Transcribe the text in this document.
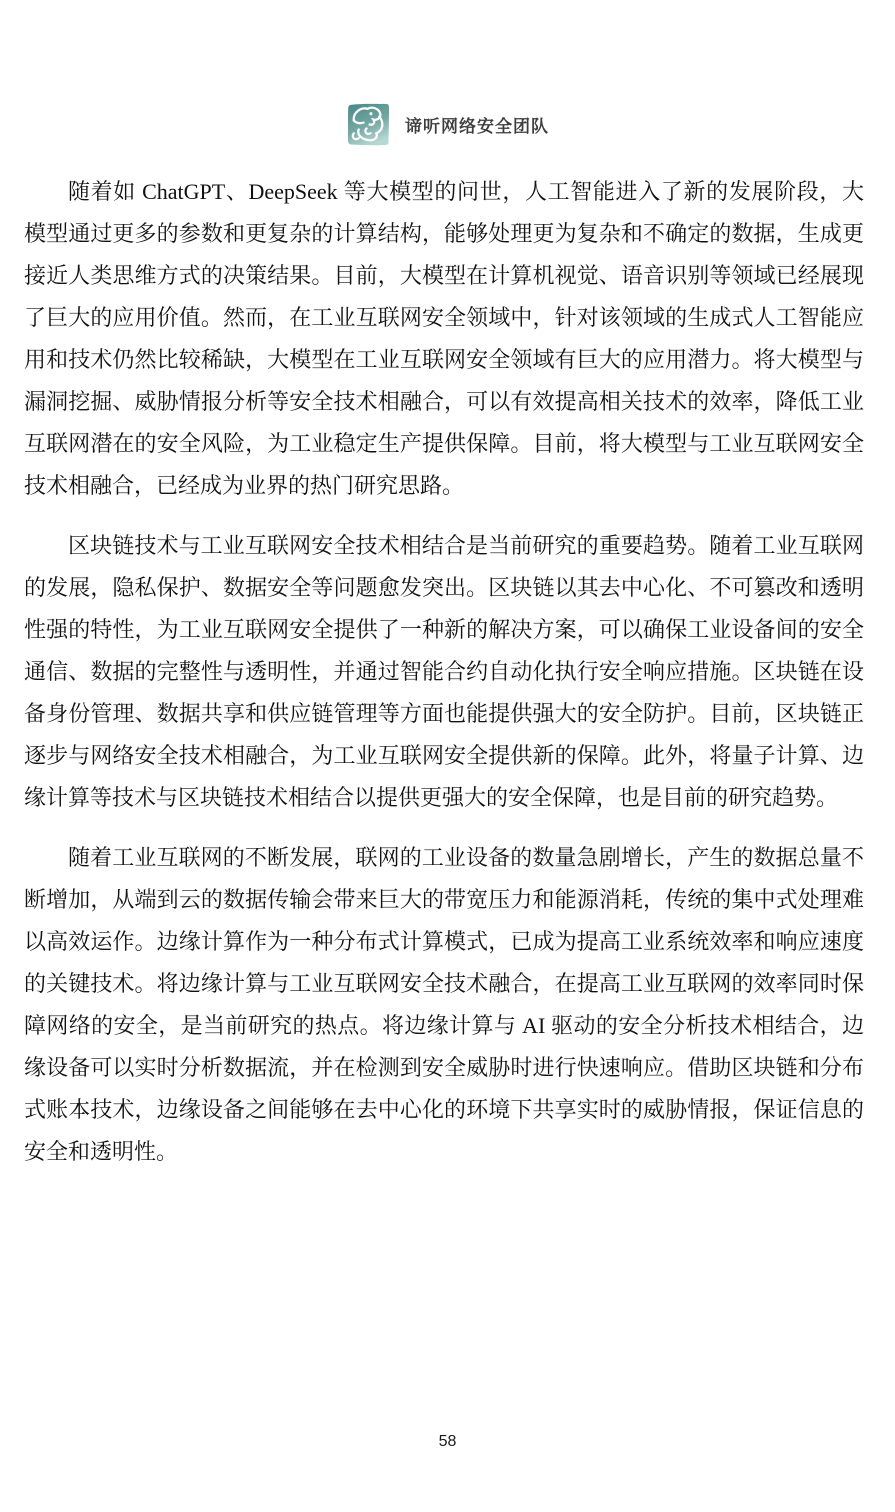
谛听网络安全团队

随着如 ChatGPT、DeepSeek 等大模型的问世，人工智能进入了新的发展阶段，大模型通过更多的参数和更复杂的计算结构，能够处理更为复杂和不确定的数据，生成更接近人类思维方式的决策结果。目前，大模型在计算机视觉、语音识别等领域已经展现了巨大的应用价值。然而，在工业互联网安全领域中，针对该领域的生成式人工智能应用和技术仍然比较稀缺，大模型在工业互联网安全领域有巨大的应用潜力。将大模型与漏洞挖掘、威胁情报分析等安全技术相融合，可以有效提高相关技术的效率，降低工业互联网潜在的安全风险，为工业稳定生产提供保障。目前，将大模型与工业互联网安全技术相融合，已经成为业界的热门研究思路。

区块链技术与工业互联网安全技术相结合是当前研究的重要趋势。随着工业互联网的发展，隐私保护、数据安全等问题愈发突出。区块链以其去中心化、不可篡改和透明性强的特性，为工业互联网安全提供了一种新的解决方案，可以确保工业设备间的安全通信、数据的完整性与透明性，并通过智能合约自动化执行安全响应措施。区块链在设备身份管理、数据共享和供应链管理等方面也能提供强大的安全防护。目前，区块链正逐步与网络安全技术相融合，为工业互联网安全提供新的保障。此外，将量子计算、边缘计算等技术与区块链技术相结合以提供更强大的安全保障，也是目前的研究趋势。

随着工业互联网的不断发展，联网的工业设备的数量急剧增长，产生的数据总量不断增加，从端到云的数据传输会带来巨大的带宽压力和能源消耗，传统的集中式处理难以高效运作。边缘计算作为一种分布式计算模式，已成为提高工业系统效率和响应速度的关键技术。将边缘计算与工业互联网安全技术融合，在提高工业互联网的效率同时保障网络的安全，是当前研究的热点。将边缘计算与 AI 驱动的安全分析技术相结合，边缘设备可以实时分析数据流，并在检测到安全威胁时进行快速响应。借助区块链和分布式账本技术，边缘设备之间能够在去中心化的环境下共享实时的威胁情报，保证信息的安全和透明性。

58
